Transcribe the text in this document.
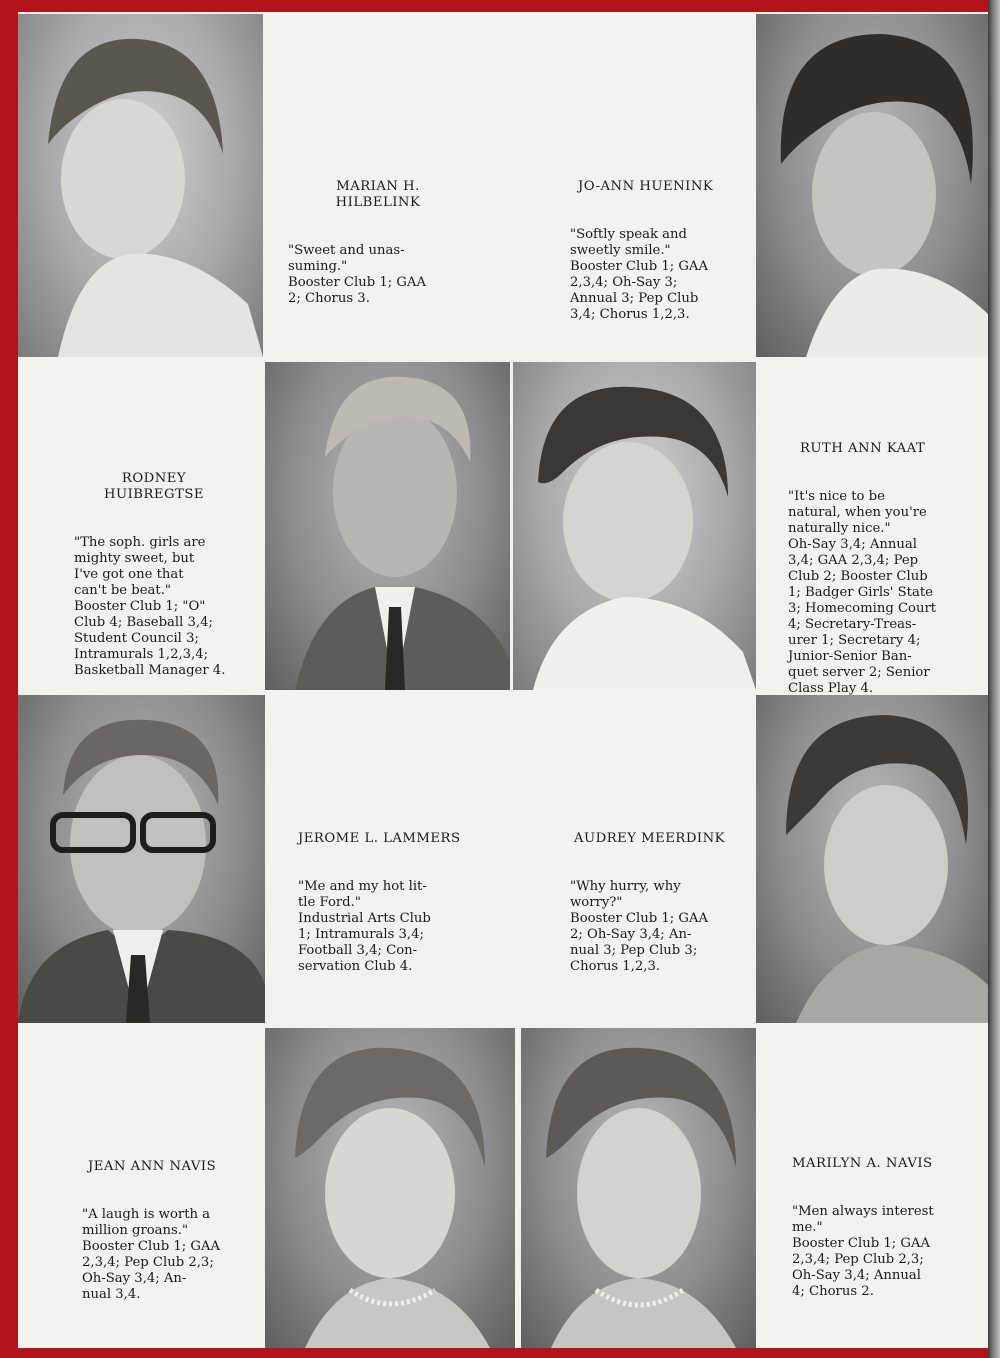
MARIAN H.
HILBELINK

"Sweet and unas-
suming."
Booster Club 1; GAA
2; Chorus 3.

JO-ANN HUENINK

"Softly speak and
sweetly smile."
Booster Club 1; GAA
2,3,4; Oh-Say 3;
Annual 3; Pep Club
3,4; Chorus 1,2,3.

RODNEY
HUIBREGTSE

"The soph. girls are
mighty sweet, but
I've got one that
can't be beat."
Booster Club 1; "O"
Club 4; Baseball 3,4;
Student Council 3;
Intramurals 1,2,3,4;
Basketball Manager 4.

RUTH ANN KAAT

"It's nice to be
natural, when you're
naturally nice."
Oh-Say 3,4; Annual
3,4; GAA 2,3,4; Pep
Club 2; Booster Club
1; Badger Girls' State
3; Homecoming Court
4; Secretary-Treas-
urer 1; Secretary 4;
Junior-Senior Ban-
quet server 2; Senior
Class Play 4.

JEROME L. LAMMERS

"Me and my hot lit-
tle Ford."
Industrial Arts Club
1; Intramurals 3,4;
Football 3,4; Con-
servation Club 4.

AUDREY MEERDINK

"Why hurry, why
worry?"
Booster Club 1; GAA
2; Oh-Say 3,4; An-
nual 3; Pep Club 3;
Chorus 1,2,3.

JEAN ANN NAVIS

"A laugh is worth a
million groans."
Booster Club 1; GAA
2,3,4; Pep Club 2,3;
Oh-Say 3,4; An-
nual 3,4.

MARILYN A. NAVIS

"Men always interest
me."
Booster Club 1; GAA
2,3,4; Pep Club 2,3;
Oh-Say 3,4; Annual
4; Chorus 2.
